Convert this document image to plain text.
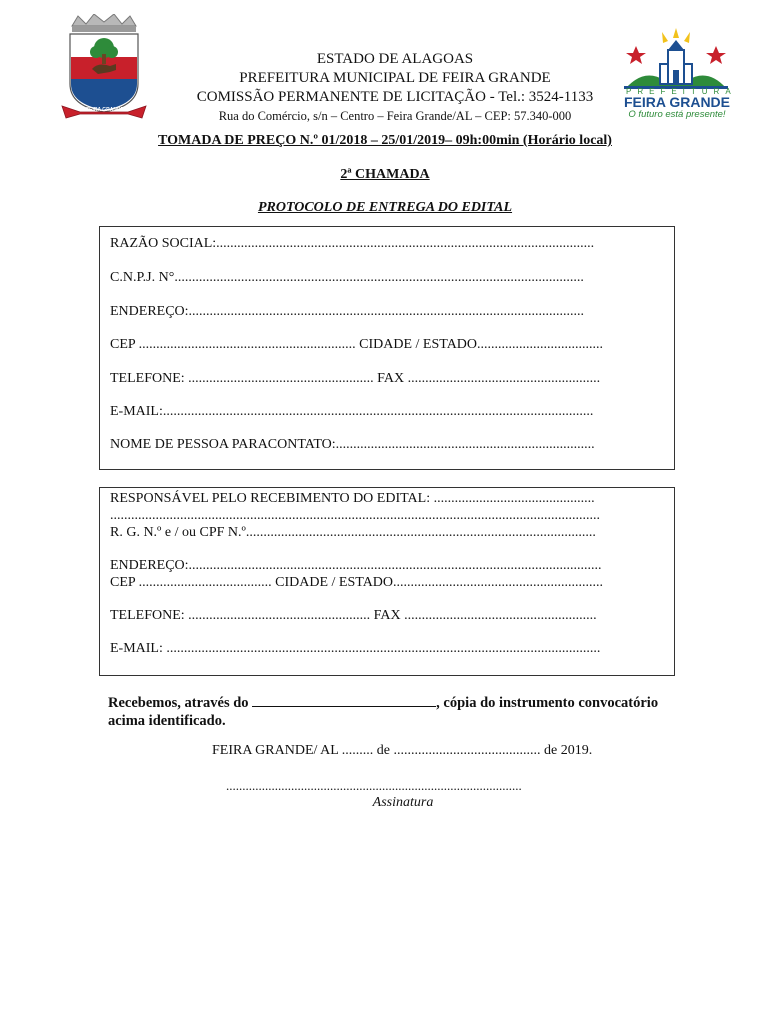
FEIRA GRANDE
ESTADO DE ALAGOAS
PREFEITURA MUNICIPAL DE FEIRA GRANDE
COMISSÃO PERMANENTE DE LICITAÇÃO - Tel.: 3524-1133
Rua do Comércio, s/n – Centro – Feira Grande/AL – CEP: 57.340-000
PREFEITURA
FEIRA GRANDE
O futuro está presente!
TOMADA DE PREÇO N.º 01/2018 – 25/01/2019– 09h:00min (Horário local)
2ª CHAMADA
PROTOCOLO DE ENTREGA DO EDITAL
RAZÃO SOCIAL:............................................................................................................
C.N.P.J. N°.....................................................................................................................
ENDEREÇO:.................................................................................................................
CEP .............................................................. CIDADE / ESTADO....................................
TELEFONE: ..................................................... FAX .......................................................
E-MAIL:...........................................................................................................................
NOME DE PESSOA PARACONTATO:..........................................................................
RESPONSÁVEL PELO RECEBIMENTO DO EDITAL: ..............................................
............................................................................................................................................
R. G. N.º e / ou CPF N.º....................................................................................................
ENDEREÇO:......................................................................................................................
CEP ...................................... CIDADE / ESTADO............................................................
TELEFONE: .................................................... FAX .......................................................
E-MAIL: ............................................................................................................................
Recebemos, através do	, cópia do instrumento convocatório
acima identificado.
FEIRA GRANDE/ AL ......... de .......................................... de 2019.
...........................................................................................
Assinatura
